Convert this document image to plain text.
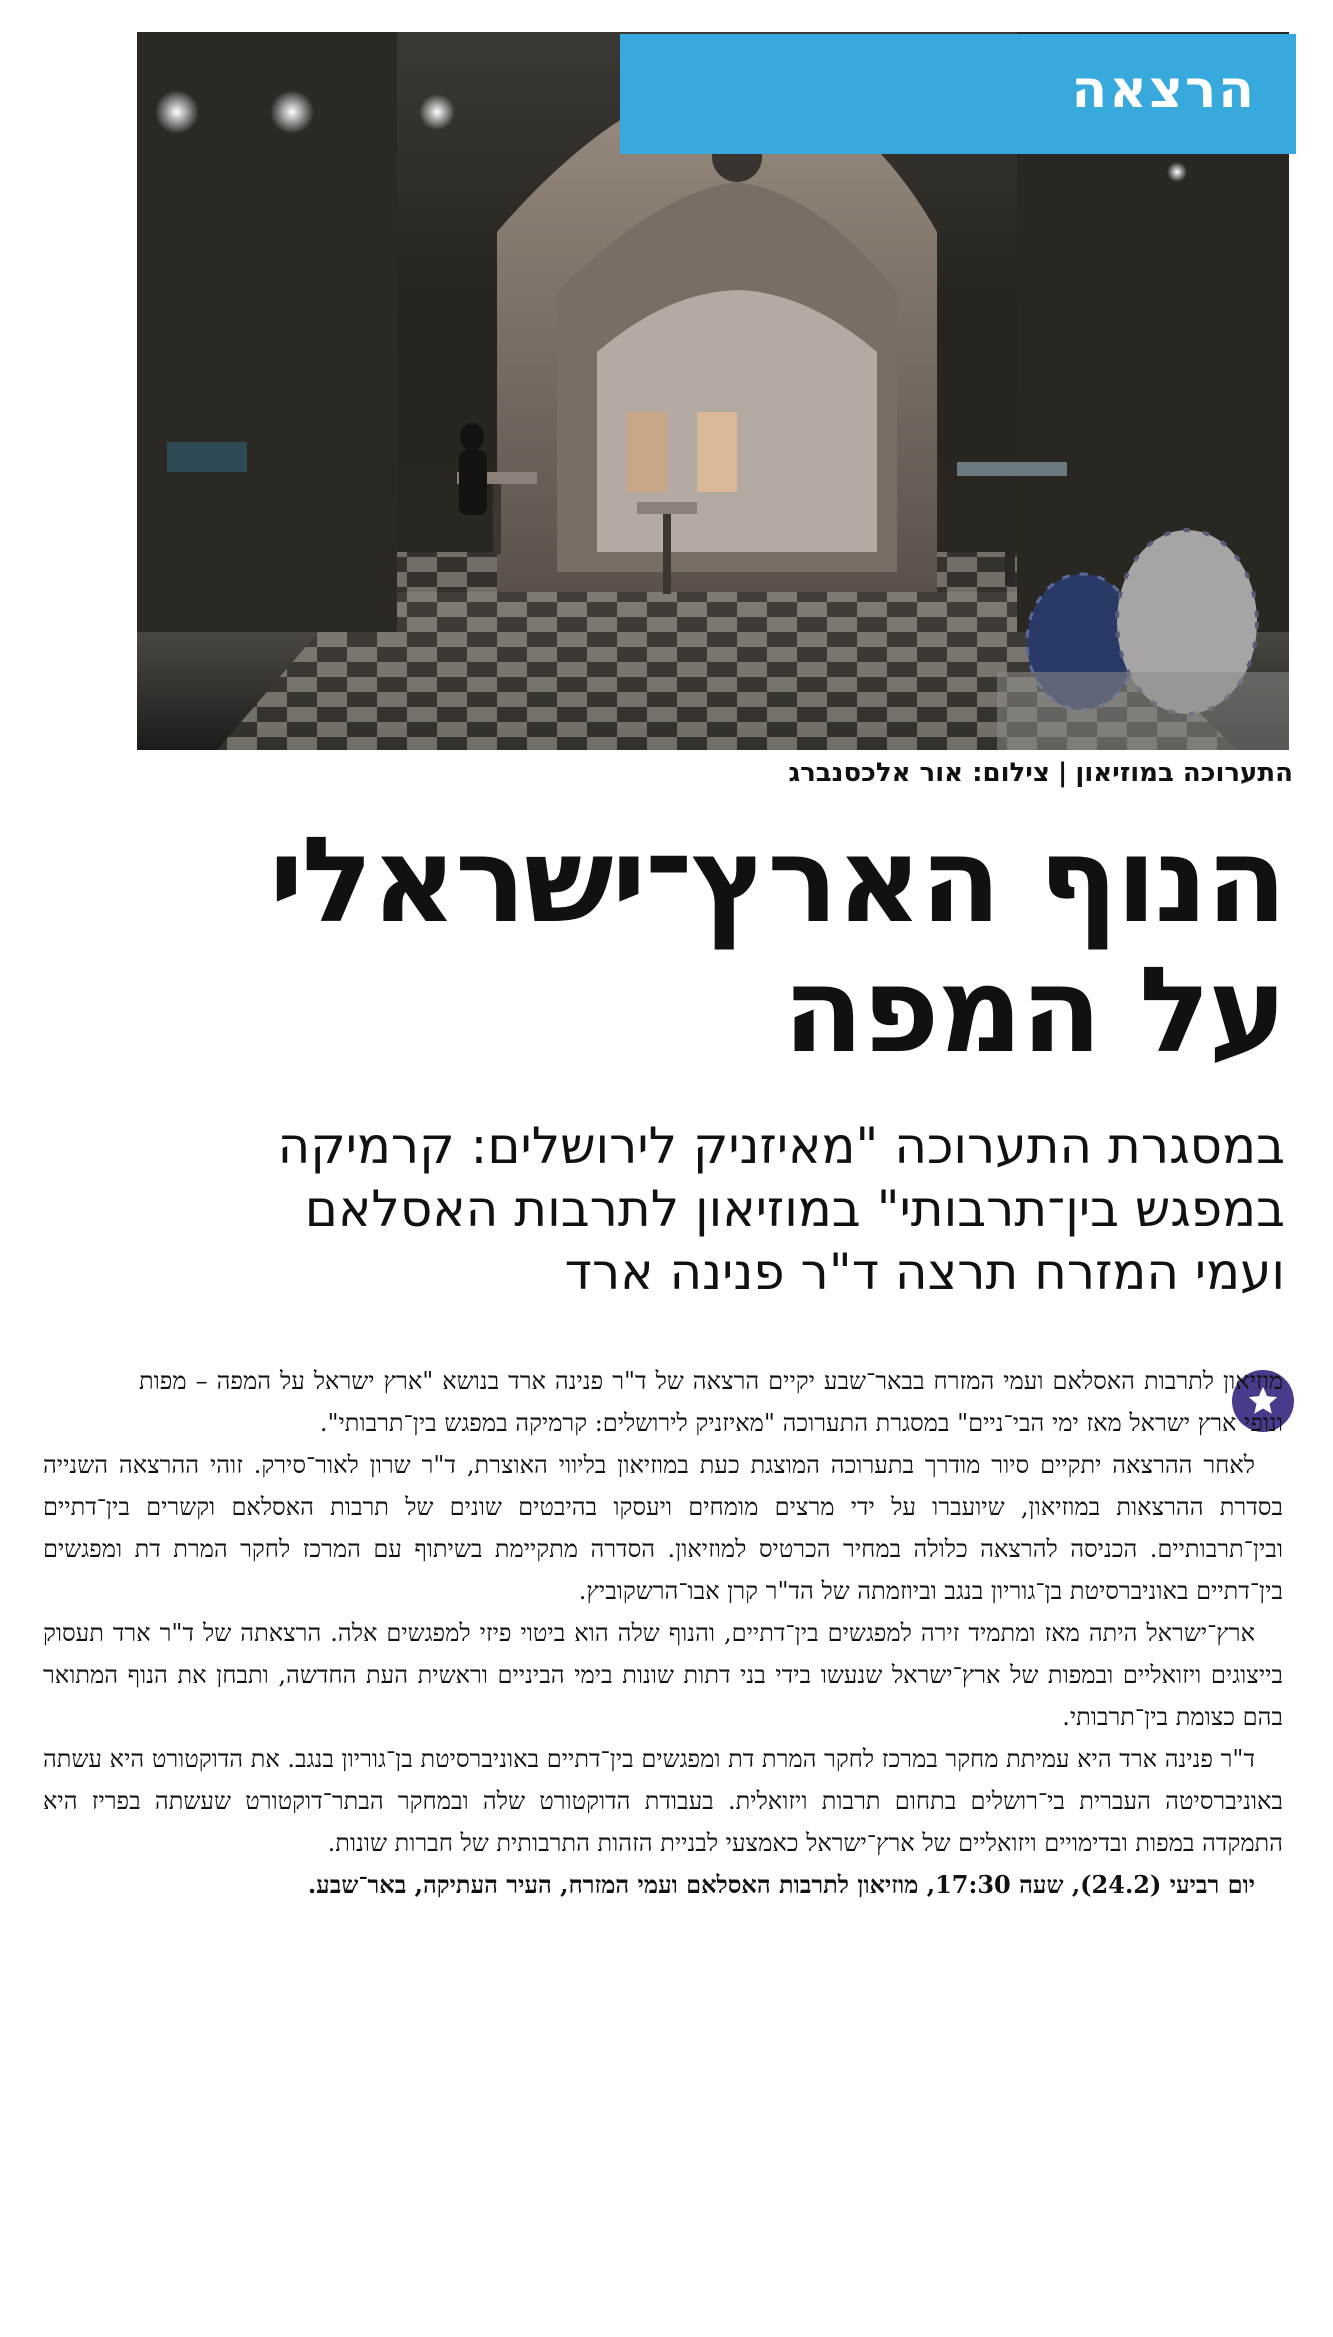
הרצאה
התערוכה במוזיאון|צילום: אור אלכסנברג
הנוף הארץ־ישראלי
על המפה
במסגרת התערוכה "מאיזניק לירושלים: קרמיקה
במפגש בין־תרבותי" במוזיאון לתרבות האסלאם
ועמי המזרח תרצה ד"ר פנינה ארד

מוזיאון לתרבות האסלאם ועמי המזרח בבאר־שבע יקיים הרצאה של ד"ר פנינה ארד בנושא "ארץ ישראל על המפה – מפות ונופי ארץ ישראל מאז ימי הבי־ניים" במסגרת התערוכה "מאיזניק לירושלים: קרמיקה במפגש בין־תרבותי".

לאחר ההרצאה יתקיים סיור מודרך בתערוכה המוצגת כעת במוזיאון בליווי האוצרת, ד"ר שרון לאור־סירק. זוהי ההרצאה השנייה בסדרת ההרצאות במוזיאון, שיועברו על ידי מרצים מומחים ויעסקו בהיבטים שונים של תרבות האסלאם וקשרים בין־דתיים ובין־תרבותיים. הכניסה להרצאה כלולה במחיר הכרטיס למוזיאון. הסדרה מתקיימת בשיתוף עם המרכז לחקר המרת דת ומפגשים בין־דתיים באוניברסיטת בן־גוריון בנגב וביוזמתה של הד"ר קרן אבו־הרשקוביץ.

ארץ־ישראל היתה מאז ומתמיד זירה למפגשים בין־דתיים, והנוף שלה הוא ביטוי פיזי למפגשים אלה. הרצאתה של ד"ר ארד תעסוק בייצוגים ויזואליים ובמפות של ארץ־ישראל שנעשו בידי בני דתות שונות בימי הביניים וראשית העת החדשה, ותבחן את הנוף המתואר בהם כצומת בין־תרבותי.

ד"ר פנינה ארד היא עמיתת מחקר במרכז לחקר המרת דת ומפגשים בין־דתיים באוניברסיטת בן־גוריון בנגב. את הדוקטורט היא עשתה באוניברסיטה העברית בי־רושלים בתחום תרבות ויזואלית. בעבודת הדוקטורט שלה ובמחקר הבתר־דוקטורט שעשתה בפריז היא התמקדה במפות ובדימויים ויזואליים של ארץ־ישראל כאמצעי לבניית הזהות התרבותית של חברות שונות.

יום רביעי (24.2), שעה 17:30, מוזיאון לתרבות האסלאם ועמי המזרח, העיר העתיקה, באר־שבע.
